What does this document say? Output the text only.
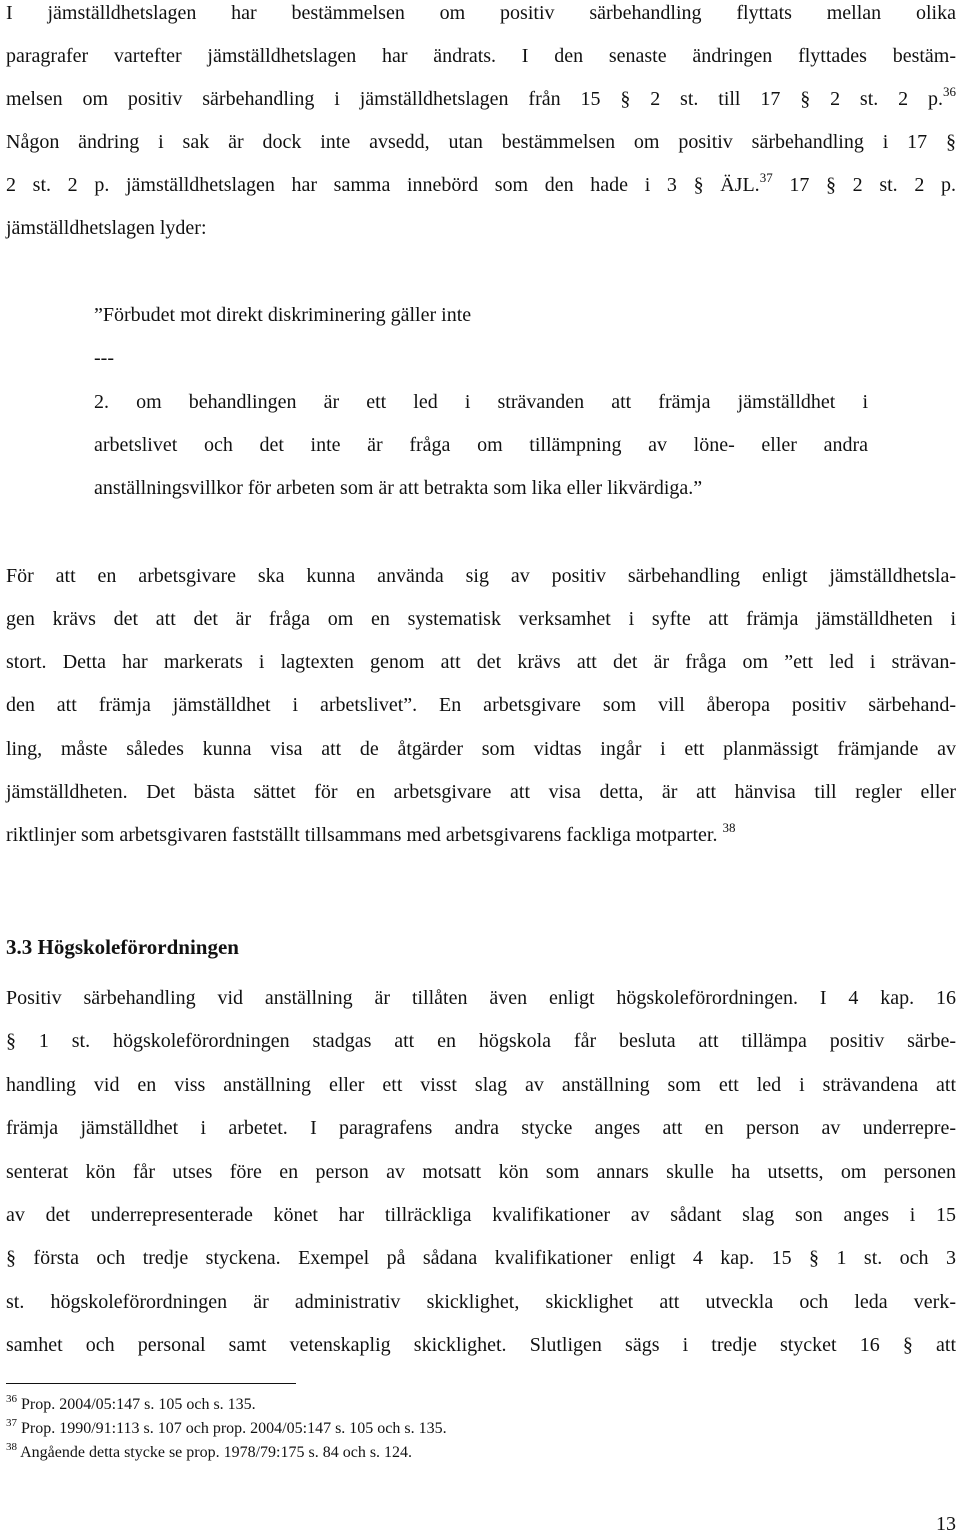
I jämställdhetslagen har bestämmelsen om positiv särbehandling flyttats mellan olika
paragrafer vartefter jämställdhetslagen har ändrats. I den senaste ändringen flyttades bestäm-
melsen om positiv särbehandling i jämställdhetslagen från 15 § 2 st. till 17 § 2 st. 2 p.$^{36}$
Någon ändring i sak är dock inte avsedd, utan bestämmelsen om positiv särbehandling i 17 §
2 st. 2 p. jämställdhetslagen har samma innebörd som den hade i 3 § ÄJL.$^{37}$ 17 § 2 st. 2 p.
jämställdhetslagen lyder:
”Förbudet mot direkt diskriminering gäller inte
---
2. om behandlingen är ett led i strävanden att främja jämställdhet i
arbetslivet och det inte är fråga om tillämpning av löne- eller andra
anställningsvillkor för arbeten som är att betrakta som lika eller likvärdiga.”
För att en arbetsgivare ska kunna använda sig av positiv särbehandling enligt jämställdhetsla-
gen krävs det att det är fråga om en systematisk verksamhet i syfte att främja jämställdheten i
stort. Detta har markerats i lagtexten genom att det krävs att det är fråga om ”ett led i strävan-
den att främja jämställdhet i arbetslivet”. En arbetsgivare som vill åberopa positiv särbehand-
ling, måste således kunna visa att de åtgärder som vidtas ingår i ett planmässigt främjande av
jämställdheten. Det bästa sättet för en arbetsgivare att visa detta, är att hänvisa till regler eller
riktlinjer som arbetsgivaren fastställt tillsammans med arbetsgivarens fackliga motparter. $^{38}$
3.3 Högskoleförordningen
Positiv särbehandling vid anställning är tillåten även enligt högskoleförordningen. I 4 kap. 16
§ 1 st. högskoleförordningen stadgas att en högskola får besluta att tillämpa positiv särbe-
handling vid en viss anställning eller ett visst slag av anställning som ett led i strävandena att
främja jämställdhet i arbetet. I paragrafens andra stycke anges att en person av underrepre-
senterat kön får utses före en person av motsatt kön som annars skulle ha utsetts, om personen
av det underrepresenterade könet har tillräckliga kvalifikationer av sådant slag son anges i 15
§ första och tredje styckena. Exempel på sådana kvalifikationer enligt 4 kap. 15 § 1 st. och 3
st. högskoleförordningen är administrativ skicklighet, skicklighet att utveckla och leda verk-
samhet och personal samt vetenskaplig skicklighet. Slutligen sägs i tredje stycket 16 § att
$^{36}$ Prop. 2004/05:147 s. 105 och s. 135.
$^{37}$ Prop. 1990/91:113 s. 107 och prop. 2004/05:147 s. 105 och s. 135.
$^{38}$ Angående detta stycke se prop. 1978/79:175 s. 84 och s. 124.
13
